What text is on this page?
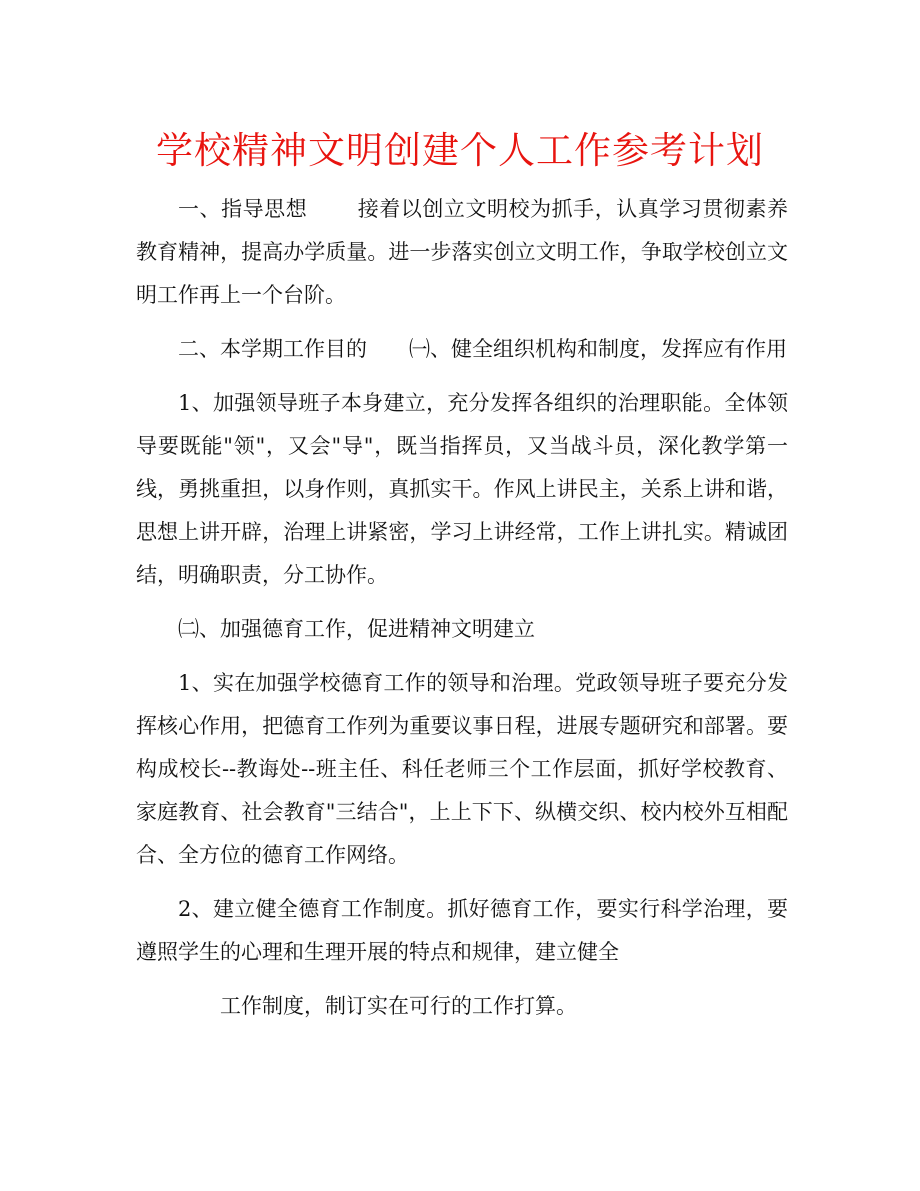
学校精神文明创建个人工作参考计划

一、指导思想 接着以创立文明校为抓手，认真学习贯彻素养教育精神，提高办学质量。进一步落实创立文明工作，争取学校创立文明工作再上一个台阶。

二、本学期工作目的 ㈠、健全组织机构和制度，发挥应有作用

1、加强领导班子本身建立，充分发挥各组织的治理职能。全体领导要既能"领"，又会"导"，既当指挥员，又当战斗员，深化教学第一线，勇挑重担，以身作则，真抓实干。作风上讲民主，关系上讲和谐，思想上讲开辟，治理上讲紧密，学习上讲经常，工作上讲扎实。精诚团结，明确职责，分工协作。

㈡、加强德育工作，促进精神文明建立

1、实在加强学校德育工作的领导和治理。党政领导班子要充分发挥核心作用，把德育工作列为重要议事日程，进展专题研究和部署。要构成校长--教诲处--班主任、科任老师三个工作层面，抓好学校教育、家庭教育、社会教育"三结合"，上上下下、纵横交织、校内校外互相配合、全方位的德育工作网络。

2、建立健全德育工作制度。抓好德育工作，要实行科学治理，要遵照学生的心理和生理开展的特点和规律，建立健全

工作制度，制订实在可行的工作打算。
